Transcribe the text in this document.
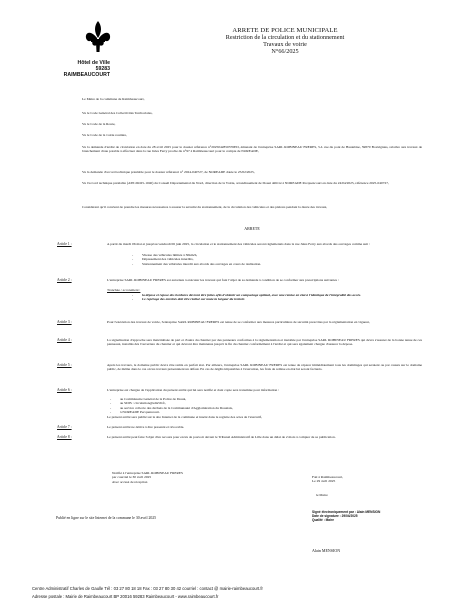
ARRETE DE POLICE MUNICIPALE
Restriction de la circulation et du stationnement
Travaux de voirie
N°66/2025
Hôtel de Ville
59283 RAIMBEAUCOURT
Le Maire de la commune de Raimbeaucourt,
Vu le Code Général des Collectivités Territoriales,
Vu le Code de la Route,
Vu le Code de la voirie routière,
Vu la demande d'arrêté de circulation en date du 28 avril 2025 pour le dossier référence n°2025042850376ED, émanant de l'entreprise SARL ROBINEAU FRERES, 5-L rue du pont de Hautebise, 59870 Bouvignies, relative aux travaux de branchement d'eau potable à effectuer dans la rue Jules Ferry proche du n°97 à Raimbeaucourt pour le compte de NOREADE,
Vu la demande d'accord technique préalable pour le dossier référencé n° 2024-040727, de NOREADE datée le 25/02/2025,
Vu l'accord technique préalable (ATP-DO25-1040) du Conseil Départemental du Nord, direction de la Voirie, arrondissement de Douai délivré à NOREADE Pecquencourt en date du 24/04/2025, référence 2025-040727,
Considérant qu'il convient de prendre les mesures nécessaires à assurer la sécurité du stationnement, de la circulation des véhicules et des piétons pendant la durée des travaux,
ARRETE
Article 1 :	A partir du mardi 06 mai et jusqu'au vendredi 06 juin 2025, la circulation et le stationnement des véhicules seront réglementés dans la rue Jules Ferry aux abords des ouvrages comme suit :
- Vitesse des véhicules limitée à 30km/h,
- Dépassement des véhicules interdits,
- Stationnement des véhicules interdit aux abords des ouvrages en cours de réalisation.
Article 2 :	L'entreprise SARL ROBINEAU FRERES est autorisée à exécuter les travaux qui font l'objet de sa demande à condition de se conformer aux prescriptions suivantes :
Tranchée / accotement :
- la dépose et repose des bordures devront être faites afin d'obtenir un compactage optimal, avec une remise en état à l'identique de l'intégralité des accès.
- Le repérage des enrobés doit être réalisé sur toute la largeur du trottoir.
Article 3 :	Pour l'exécution des travaux de voirie, l'entreprise SARL ROBINEAU FRERES est tenue de se conformer aux mesures particulières de sécurité prescrites par la réglementation en vigueur,
Article 4 :	La signalisation d'approche sera matérialisée de part et d'autre du chantier par des panneaux conformes à la réglementation et installée par l'entreprise SARL ROBINEAU FRERES qui devra s'assurer de la bonne tenue de ces panneaux, installés dès l'ouverture du chantier et qui devront être maintenus jusqu'à la fin du chantier conformément à l'arrêté et qui sera également chargée d'assurer la dépose.
Article 5 :	Après les travaux, le domaine public devra être remis en parfait état. Par ailleurs, l'entreprise SARL ROBINEAU FRERES est tenue de réparer immédiatement tous les dommages qui seraient ou par causés sur le domaine public, de même dans le cas où les travaux présentaient un défaut. En cas de dégâts imputables à l'exécution, les frais de remise en état lui seront facturés.
Article 6 :	L'entreprise est chargée de l'application du présent arrêté qui lui sera notifié et dont copie sera transmise pour information :
- au Commissaire Général de la Police de Douai,
- au SDIS : circulation@sdis59.fr,
- au service collecte des déchets de la Communauté d'Agglomération du Douaisis,
- à NOREADE Pecquencourt.
Le présent arrêté sera publié sur le site Internet de la commune et inséré dans le registre des actes de l'exécutif,
Article 7 :	Le présent arrêté ne dérive à être presenté et révocable.
Article 8 :	Le présent arrêté peut faire l'objet d'un recours pour excès de pouvoir devant le Tribunal Administratif de Lille dans un délai de 2 mois à compter de sa publication.
Notifié à l'entreprise SARL ROBINEAU FRERES
par courriel le 30 avril 2025
Avec accusé de réception
Fait à Raimbeaucourt,
Le 29 avril 2025
le Maire
Publié en ligne sur le site Internet de la commune le 30 avril 2025
Signé électroniquement par : Alain MENSION
Date de signature : 29/04/2025
Qualité : Maire
Alain MENSION
Centre Administratif Charles de Gaulle Tél : 03 27 80 18 18 Fax : 03 27 80 30 42 courriel : contact @ mairie-raimbeaucourt.fr
Adresse postale : Mairie de Raimbeaucourt BP 20016 59283 Raimbeaucourt - www.raimbeaucourt.fr
